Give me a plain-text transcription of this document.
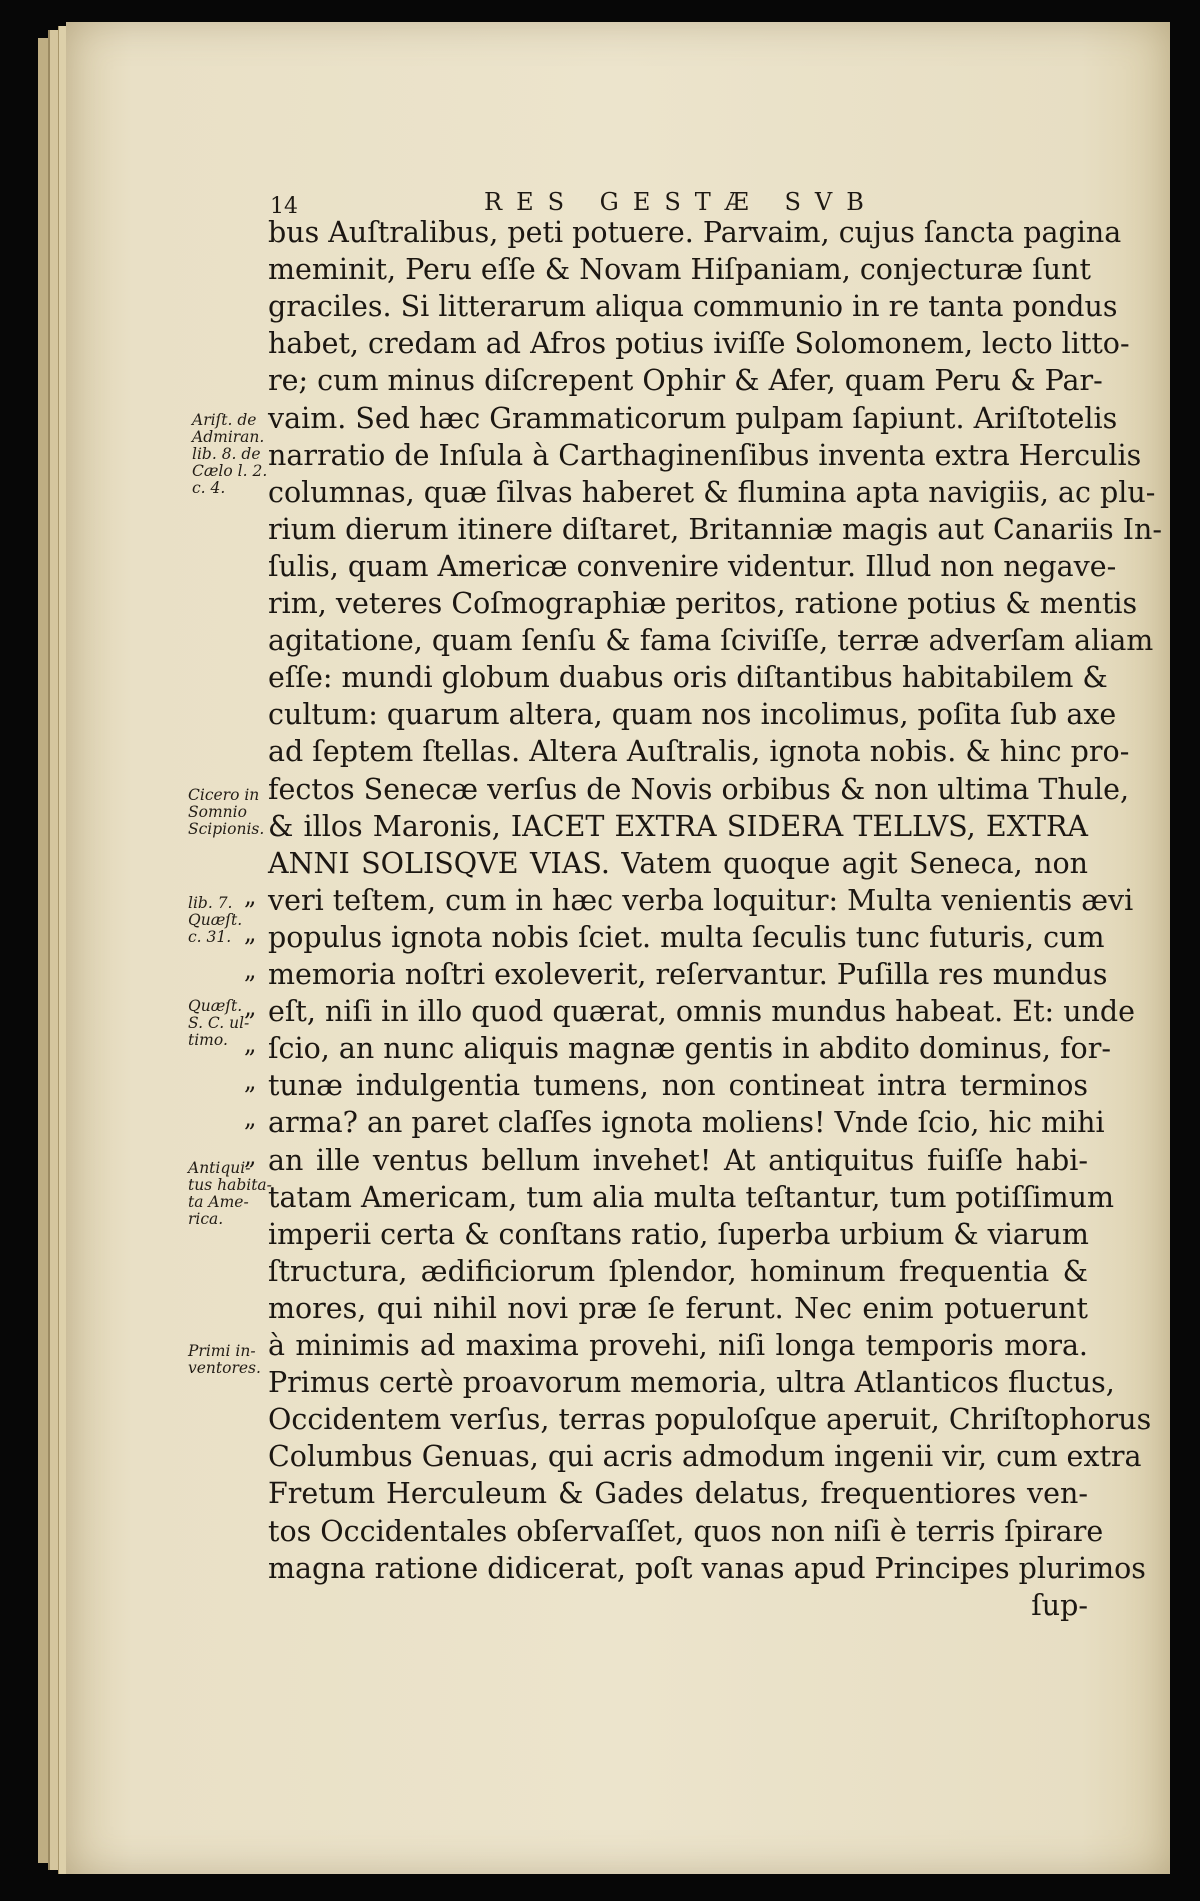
14	RES GESTÆ SVB
bus Auſtralibus, peti potuere. Parvaim, cujus ſancta pagina
meminit, Peru eſſe & Novam Hiſpaniam, conjecturæ ſunt
graciles. Si litterarum aliqua communio in re tanta pondus
habet, credam ad Afros potius iviſſe Solomonem, lecto litto-
re; cum minus diſcrepent Ophir & Afer, quam Peru & Par-
vaim. Sed hæc Grammaticorum pulpam ſapiunt. Ariſtotelis
narratio de Inſula à Carthaginenſibus inventa extra Herculis
columnas, quæ ſilvas haberet & flumina apta navigiis, ac plu-
rium dierum itinere diſtaret, Britanniæ magis aut Canariis In-
ſulis, quam Americæ convenire videntur. Illud non negave-
rim, veteres Coſmographiæ peritos, ratione potius & mentis
agitatione, quam ſenſu & fama ſciviſſe, terræ adverſam aliam
eſſe: mundi globum duabus oris diſtantibus habitabilem &
cultum: quarum altera, quam nos incolimus, poſita ſub axe
ad ſeptem ſtellas. Altera Auſtralis, ignota nobis. & hinc pro-
fectos Senecæ verſus de Novis orbibus & non ultima Thule,
& illos Maronis, IACET EXTRA SIDERA TELLVS, EXTRA
ANNI SOLISQVE VIAS. Vatem quoque agit Seneca, non
veri teſtem, cum in hæc verba loquitur: Multa venientis ævi
„
populus ignota nobis ſciet. multa ſeculis tunc futuris, cum
„
memoria noſtri exoleverit, reſervantur. Puſilla res mundus
„
eſt, niſi in illo quod quærat, omnis mundus habeat. Et: unde
„
ſcio, an nunc aliquis magnæ gentis in abdito dominus, for-
„
tunæ indulgentia tumens, non contineat intra terminos
„
arma? an paret claſſes ignota moliens! Vnde ſcio, hic mihi
„
an ille ventus bellum invehet! At antiquitus fuiſſe habi-
„
tatam Americam, tum alia multa teſtantur, tum potiſſimum
imperii certa & conſtans ratio, ſuperba urbium & viarum
ſtructura, ædificiorum ſplendor, hominum frequentia &
mores, qui nihil novi præ ſe ferunt. Nec enim potuerunt
à minimis ad maxima provehi, niſi longa temporis mora.
Primus certè proavorum memoria, ultra Atlanticos fluctus,
Occidentem verſus, terras populoſque aperuit, Chriſtophorus
Columbus Genuas, qui acris admodum ingenii vir, cum extra
Fretum Herculeum & Gades delatus, frequentiores ven-
tos Occidentales obſervaſſet, quos non niſi è terris ſpirare
magna ratione didicerat, poſt vanas apud Principes plurimos
ſup-
Ariſt. de
Admiran.
lib. 8. de
Cælo l. 2.
c. 4.
Cicero in
Somnio
Scipionis.
lib. 7.
Quæſt.
c. 31.
Quæſt.
S. C. ul-
timo.
Antiqui-
tus habita-
ta Ame-
rica.
Primi in-
ventores.
